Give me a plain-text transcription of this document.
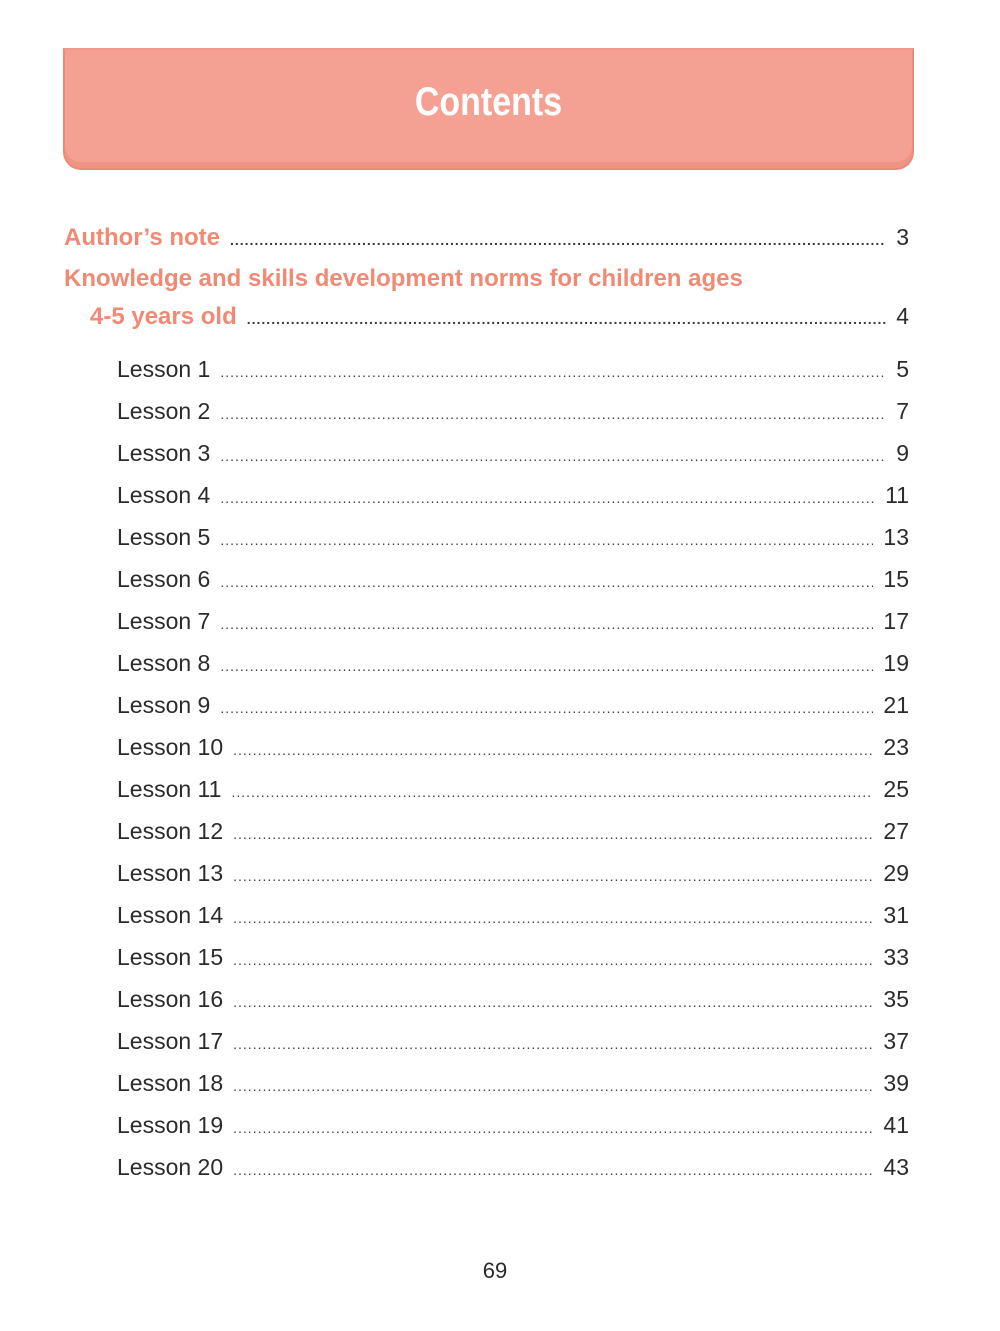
Contents
Author’s note .....	3
Knowledge and skills development norms for children ages
4-5 years old .....	4
Lesson 1 .....	5
Lesson 2 .....	7
Lesson 3 .....	9
Lesson 4 .....	11
Lesson 5 .....	13
Lesson 6 .....	15
Lesson 7 .....	17
Lesson 8 .....	19
Lesson 9 .....	21
Lesson 10 .....	23
Lesson 11 .....	25
Lesson 12 .....	27
Lesson 13 .....	29
Lesson 14 .....	31
Lesson 15 .....	33
Lesson 16 .....	35
Lesson 17 .....	37
Lesson 18 .....	39
Lesson 19 .....	41
Lesson 20 .....	43
69
